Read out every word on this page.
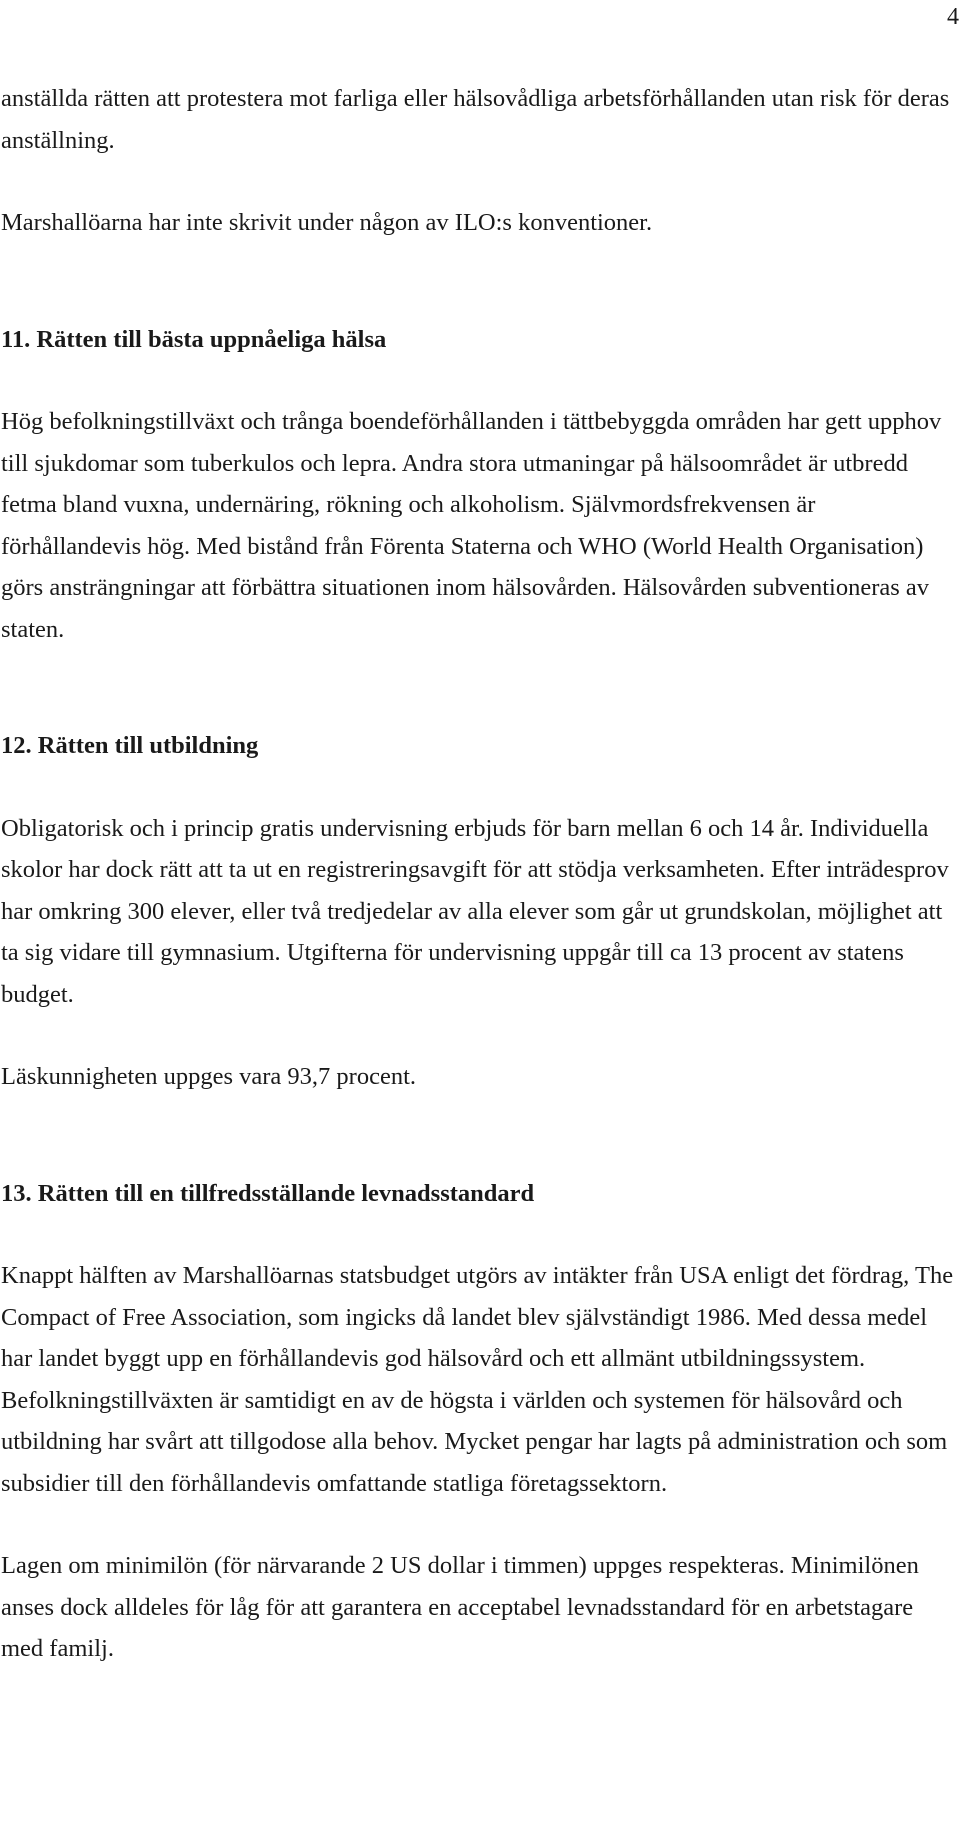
4

anställda rätten att protestera mot farliga eller hälsovådliga arbetsförhållanden utan risk för deras anställning.

Marshallöarna har inte skrivit under någon av ILO:s konventioner.

11. Rätten till bästa uppnåeliga hälsa

Hög befolkningstillväxt och trånga boendeförhållanden i tättbebyggda områden har gett upphov till sjukdomar som tuberkulos och lepra. Andra stora utmaningar på hälsoområdet är utbredd fetma bland vuxna, undernäring, rökning och alkoholism. Självmordsfrekvensen är förhållandevis hög. Med bistånd från Förenta Staterna och WHO (World Health Organisation) görs ansträngningar att förbättra situationen inom hälsovården. Hälsovården subventioneras av staten.

12. Rätten till utbildning

Obligatorisk och i princip gratis undervisning erbjuds för barn mellan 6 och 14 år. Individuella skolor har dock rätt att ta ut en registreringsavgift för att stödja verksamheten. Efter inträdesprov har omkring 300 elever, eller två tredjedelar av alla elever som går ut grundskolan, möjlighet att ta sig vidare till gymnasium. Utgifterna för undervisning uppgår till ca 13 procent av statens budget.

Läskunnigheten uppges vara 93,7 procent.

13. Rätten till en tillfredsställande levnadsstandard

Knappt hälften av Marshallöarnas statsbudget utgörs av intäkter från USA enligt det fördrag, The Compact of Free Association, som ingicks då landet blev självständigt 1986. Med dessa medel har landet byggt upp en förhållandevis god hälsovård och ett allmänt utbildningssystem. Befolkningstillväxten är samtidigt en av de högsta i världen och systemen för hälsovård och utbildning har svårt att tillgodose alla behov. Mycket pengar har lagts på administration och som subsidier till den förhållandevis omfattande statliga företagssektorn.

Lagen om minimilön (för närvarande 2 US dollar i timmen) uppges respekteras. Minimilönen anses dock alldeles för låg för att garantera en acceptabel levnadsstandard för en arbetstagare med familj.
